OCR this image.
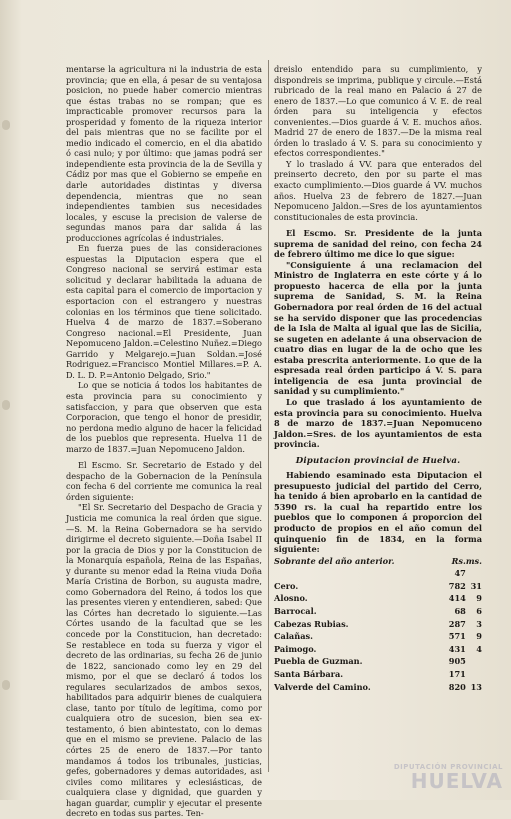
mentarse la agricultura ni la industria de esta provincia; que en ella, á pesar de su ventajosa posicion, no puede haber comercio mientras que éstas trabas no se rompan; que es impracticable promover recursos para la prosperidad y fomento de la riqueza interior del pais mientras que no se facilite por el medio indicado el comercio, en el dia abatido ó casi nulo; y por último: que jamas podrá ser independiente esta provincia de la de Sevilla y Cádiz por mas que el Gobierno se empeñe en darle autoridades distintas y diversa dependencia, mientras que no sean independientes tambien sus necesidades locales, y escuse la precision de valerse de segundas manos para dar salida á las producciones agrícolas é industriales.

En fuerza pues de las consideraciones espuestas la Diputacion espera que el Congreso nacional se servirá estimar esta solicitud y declarar habilitada la aduana de esta capital para el comercio de importacion y esportacion con el estrangero y nuestras colonias en los términos que tiene solicitado. Huelva 4 de marzo de 1837.=Soberano Congreso nacional.=El Presidente, Juan Nepomuceno Jaldon.=Celestino Nuñez.=Diego Garrido y Melgarejo.=Juan Soldan.=José Rodriguez.=Francisco Montiel Millares.=P. A. D. L. D. P.=Antonio Delgado, Srio."

Lo que se noticia á todos los habitantes de esta provincia para su conocimiento y satisfaccion, y para que observen que esta Corporacion, que tengo el honor de presidir, no perdona medio alguno de hacer la felicidad de los pueblos que representa. Huelva 11 de marzo de 1837.=Juan Nepomuceno Jaldon.

El Escmo. Sr. Secretario de Estado y del despacho de la Gobernacion de la Península con fecha 6 del corriente me comunica la real órden siguiente:

"El Sr. Secretario del Despacho de Gracia y Justicia me comunica la real órden que sigue.—S. M. la Reina Gobernadora se ha servido dirigirme el decreto siguiente.—Doña Isabel II por la gracia de Dios y por la Constitucion de la Monarquía española, Reina de las Españas, y durante su menor edad la Reina viuda Doña María Cristina de Borbon, su augusta madre, como Gobernadora del Reino, á todos los que las presentes vieren y entendieren, sabed: Que las Córtes han decretado lo siguiente.—Las Córtes usando de la facultad que se les concede por la Constitucion, han decretado: Se restablece en toda su fuerza y vigor el decreto de las ordinarias, su fecha 26 de junio de 1822, sancionado como ley en 29 del mismo, por el que se declaró á todos los regulares secularizados de ambos sexos, habilitados para adquirir bienes de cualquiera clase, tanto por título de legítima, como por cualquiera otro de sucesion, bien sea ex-testamento, ó bien abintestato, con lo demas que en el mismo se previene. Palacio de las córtes 25 de enero de 1837.—Por tanto mandamos á todos los tribunales, justicias, gefes, gobernadores y demas autoridades, asi civiles como militares y eclesiásticas, de cualquiera clase y dignidad, que guarden y hagan guardar, cumplir y ejecutar el presente decreto en todas sus partes. Ten-

dreislo entendido para su cumplimiento, y dispondreis se imprima, publique y circule.—Está rubricado de la real mano en Palacio á 27 de enero de 1837.—Lo que comunico á V. E. de real órden para su inteligencia y efectos convenientes.—Dios guarde á V. E. muchos años. Madrid 27 de enero de 1837.—De la misma real órden lo traslado á V. S. para su conocimiento y efectos correspondientes."

Y lo traslado á VV. para que enterados del preinserto decreto, den por su parte el mas exacto cumplimiento.—Dios guarde á VV. muchos años. Huelva 23 de febrero de 1827.—Juan Nepomuceno Jaldon.—Sres de los ayuntamientos constitucionales de esta provincia.

El Escmo. Sr. Presidente de la junta suprema de sanidad del reino, con fecha 24 de febrero último me dice lo que sigue:

"Consiguiente á una reclamacion del Ministro de Inglaterra en este córte y á lo propuesto hacerca de ella por la junta suprema de Sanidad, S. M. la Reina Gobernadora por real órden de 16 del actual se ha servido disponer que las procedencias de la Isla de Malta al igual que las de Sicilia, se sugeten en adelante á una observacion de cuatro dias en lugar de la de ocho que les estaba prescrita anteriormente. Lo que de la espresada real órden participo á V. S. para inteligencia de esa junta provincial de sanidad y su cumplimiento."

Lo que traslado á los ayuntamiento de esta provincia para su conocimiento. Huelva 8 de marzo de 1837.=Juan Nepomuceno Jaldon.=Sres. de los ayuntamientos de esta provincia.

Diputacion provincial de Huelva.

Habiendo esaminado esta Diputacion el presupuesto judicial del partido del Cerro, ha tenido á bien aprobarlo en la cantidad de 5390 rs. la cual ha repartido entre los pueblos que lo componen á proporcion del producto de propios en el año comun del quinquenio fin de 1834, en la forma siguiente:

Sobrante del año anterior.	Rs.	ms.
	47	
Cero.	782	31
Alosno.	414	9
Barrocal.	68	6
Cabezas Rubias.	287	3
Calañas.	571	9
Paimogo.	431	4
Puebla de Guzman.	905	
Santa Bárbara.	171	
Valverde del Camino.	820	13
DIPUTACIÓN PROVINCIAL
HUELVA
